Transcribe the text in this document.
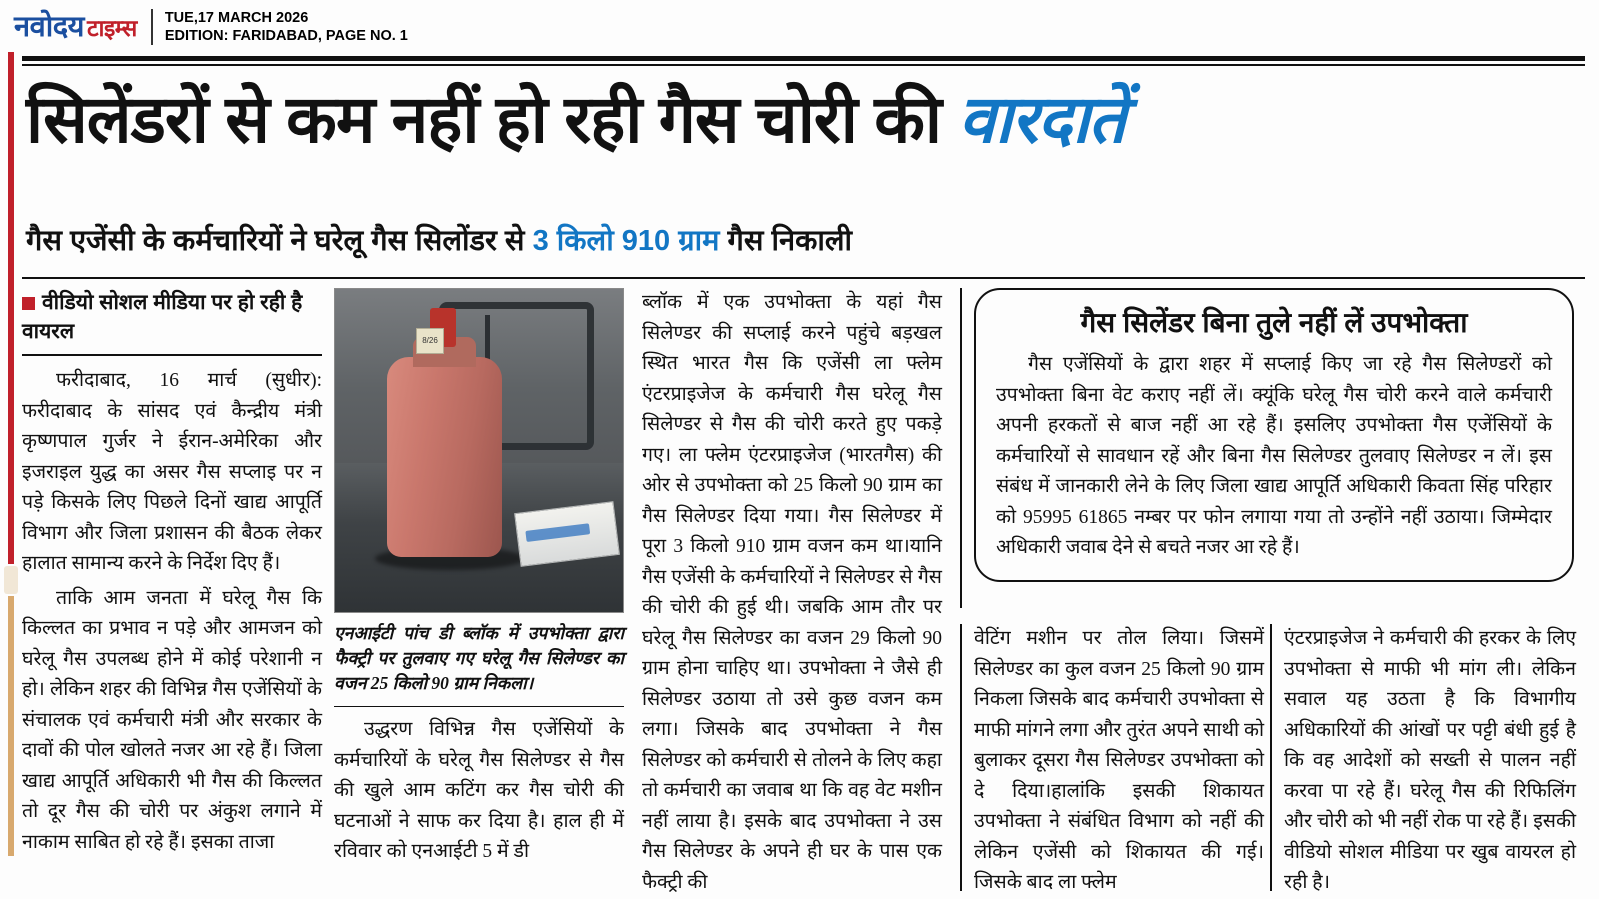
नवोदय टाइम्स TUE,17 MARCH 2026
EDITION: FARIDABAD, PAGE NO. 1
सिलेंडरों से कम नहीं हो रही गैस चोरी की वारदातें
गैस एजेंसी के कर्मचारियों ने घरेलू गैस सिलोंडर से 3 किलो 910 ग्राम गैस निकाली
वीडियो सोशल मीडिया पर हो रही है वायरल

फरीदाबाद, 16 मार्च (सुधीर): फरीदाबाद के सांसद एवं कैन्द्रीय मंत्री कृष्णपाल गुर्जर ने ईरान-अमेरिका और इजराइल युद्ध का असर गैस सप्लाइ पर न पड़े किसके लिए पिछले दिनों खाद्य आपूर्ति विभाग और जिला प्रशासन की बैठक लेकर हालात सामान्य करने के निर्देश दिए हैं।

ताकि आम जनता में घरेलू गैस कि किल्लत का प्रभाव न पड़े और आमजन को घरेलू गैस उपलब्ध होने में कोई परेशानी न हो। लेकिन शहर की विभिन्न गैस एजेंसियों के संचालक एवं कर्मचारी मंत्री और सरकार के दावों की पोल खोलते नजर आ रहे हैं। जिला खाद्य आपूर्ति अधिकारी भी गैस की किल्लत तो दूर गैस की चोरी पर अंकुश लगाने में नाकाम साबित हो रहे हैं। इसका ताजा

8/26
एनआईटी पांच डी ब्लॉक में उपभोक्ता द्वारा फैक्ट्री पर तुलवाए गए घरेलू गैस सिलेण्डर का वजन 25 किलो 90 ग्राम निकला।
उद्धरण विभिन्न गैस एजेंसियों के कर्मचारियों के घरेलू गैस सिलेण्डर से गैस की खुले आम कटिंग कर गैस चोरी की घटनाओं ने साफ कर दिया है। हाल ही में रविवार को एनआईटी 5 में डी

ब्लॉक में एक उपभोक्ता के यहां गैस सिलेण्डर की सप्लाई करने पहुंचे बड़खल स्थित भारत गैस कि एजेंसी ला फ्लेम एंटरप्राइजेज के कर्मचारी गैस घरेलू गैस सिलेण्डर से गैस की चोरी करते हुए पकड़े गए। ला फ्लेम एंटरप्राइजेज (भारतगैस) की ओर से उपभोक्ता को 25 किलो 90 ग्राम का गैस सिलेण्डर दिया गया। गैस सिलेण्डर में पूरा 3 किलो 910 ग्राम वजन कम था।यानि गैस एजेंसी के कर्मचारियों ने सिलेण्डर से गैस की चोरी की हुई थी। जबकि आम तौर पर घरेलू गैस सिलेण्डर का वजन 29 किलो 90 ग्राम होना चाहिए था। उपभोक्ता ने जैसे ही सिलेण्डर उठाया तो उसे कुछ वजन कम लगा। जिसके बाद उपभोक्ता ने गैस सिलेण्डर को कर्मचारी से तोलने के लिए कहा तो कर्मचारी का जवाब था कि वह वेट मशीन नहीं लाया है। इसके बाद उपभोक्ता ने उस गैस सिलेण्डर के अपने ही घर के पास एक फैक्ट्री की

गैस सिलेंडर बिना तुले नहीं लें उपभोक्ता
गैस एजेंसियों के द्वारा शहर में सप्लाई किए जा रहे गैस सिलेण्डरों को उपभोक्ता बिना वेट कराए नहीं लें। क्यूंकि घरेलू गैस चोरी करने वाले कर्मचारी अपनी हरकतों से बाज नहीं आ रहे हैं। इसलिए उपभोक्ता गैस एजेंसियों के कर्मचारियों से सावधान रहें और बिना गैस सिलेण्डर तुलवाए सिलेण्डर न लें। इस संबंध में जानकारी लेने के लिए जिला खाद्य आपूर्ति अधिकारी किवता सिंह परिहार को 95995 61865 नम्बर पर फोन लगाया गया तो उन्होंने नहीं उठाया। जिम्मेदार अधिकारी जवाब देने से बचते नजर आ रहे हैं।

वेटिंग मशीन पर तोल लिया। जिसमें सिलेण्डर का कुल वजन 25 किलो 90 ग्राम निकला जिसके बाद कर्मचारी उपभोक्ता से माफी मांगने लगा और तुरंत अपने साथी को बुलाकर दूसरा गैस सिलेण्डर उपभोक्ता को दे दिया।हालांकि इसकी शिकायत उपभोक्ता ने संबंधित विभाग को नहीं की लेकिन एजेंसी को शिकायत की गई। जिसके बाद ला फ्लेम

एंटरप्राइजेज ने कर्मचारी की हरकर के लिए उपभोक्ता से माफी भी मांग ली। लेकिन सवाल यह उठता है कि विभागीय अधिकारियों की आंखों पर पट्टी बंधी हुई है कि वह आदेशों को सख्ती से पालन नहीं करवा पा रहे हैं। घरेलू गैस की रिफिलिंग और चोरी को भी नहीं रोक पा रहे हैं। इसकी वीडियो सोशल मीडिया पर खुब वायरल हो रही है।
